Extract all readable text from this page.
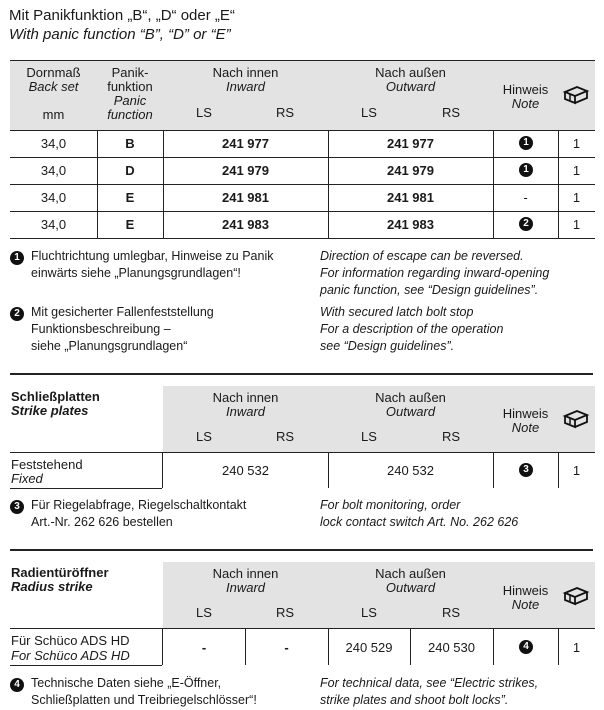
Mit Panikfunktion „B“, „D“ oder „E“
With panic function “B”, “D” or “E”
Dornmaß
Back set
mm
Panik-
funktion
Panic
function
Nach innen
Inward
LS	RS
Nach außen
Outward
LS	RS
Hinweis
Note
34,0	B	241 977	241 977	1	1
34,0	D	241 979	241 979	1	1
34,0	E	241 981	241 981	-	1
34,0	E	241 983	241 983	2	1
1 Fluchtrichtung umlegbar, Hinweise zu Panik
einwärts siehe „Planungsgrundlagen“!
Direction of escape can be reversed.
For information regarding inward-opening
panic function, see “Design guidelines”.
2 Mit gesicherter Fallenfeststellung
Funktionsbeschreibung –
siehe „Planungsgrundlagen“
With secured latch bolt stop
For a description of the operation
see “Design guidelines”.
Schließplatten
Strike plates
Nach innen
Inward
LS	RS
Nach außen
Outward
LS	RS
Hinweis
Note
Feststehend
Fixed
240 532	240 532	3	1
3 Für Riegelabfrage, Riegelschaltkontakt
Art.-Nr. 262 626 bestellen
For bolt monitoring, order
lock contact switch Art. No. 262 626
Radientüröffner
Radius strike
Nach innen
Inward
LS	RS
Nach außen
Outward
LS	RS
Hinweis
Note
Für Schüco ADS HD
For Schüco ADS HD
-	-	240 529	240 530	4	1
4 Technische Daten siehe „E-Öffner,
Schließplatten und Treibriegelschlösser“!
For technical data, see “Electric strikes,
strike plates and shoot bolt locks”.
